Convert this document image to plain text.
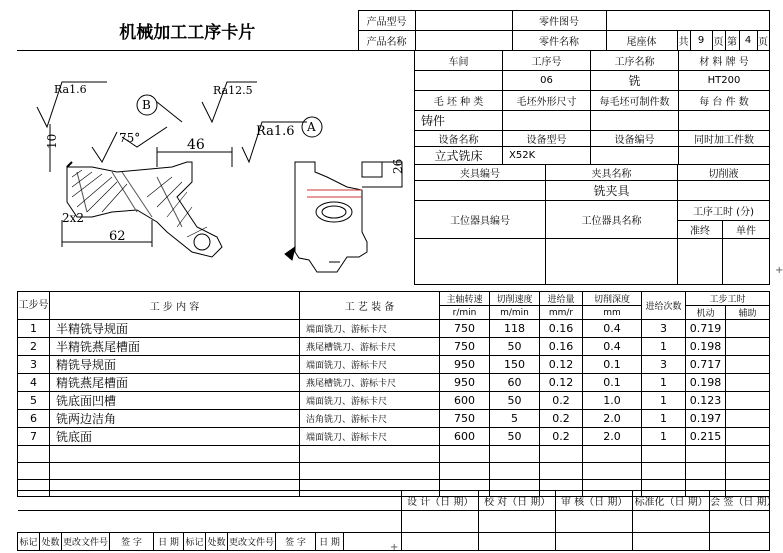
机械加工工序卡片	产品型号		零件图号							
	产品名称		零件名称	尾座体	共	9	页	第	4	页
车间	工序号	工序名称	材 料 牌 号
	06	铣	HT200
毛 坯 种 类	毛坯外形尺寸	每毛坯可制件数	每 台 件 数
铸件			
设备名称	设备型号	设备编号	同时加工件数
立式铣床	X52K		
夹具编号	夹具名称	切削液	
	铣夹具		
工位器具编号	工位器具名称	工序工时 (分)	
		准终	单件

Ra1.6	Ra12.5
Ra1.6
B
A
75°	46
10
2x2
62
26
工步号	工 步 内 容	工 艺 装 备	主轴转速	切削速度	进给量	切削深度	进给次数	工步工时	
			r/min	m/min	mm/r	mm		机动	辅助
1	半精铣导规面	端面铣刀、游标卡尺	750	118	0.16	0.4	3	0.719	
2	半精铣燕尾槽面	燕尾槽铣刀、游标卡尺	750	50	0.16	0.4	1	0.198	
3	精铣导规面	端面铣刀、游标卡尺	950	150	0.12	0.1	3	0.717	
4	精铣燕尾槽面	燕尾槽铣刀、游标卡尺	950	60	0.12	0.1	1	0.198	
5	铣底面凹槽	端面铣刀、游标卡尺	600	50	0.2	1.0	1	0.123	
6	铣两边洁角	洁角铣刀、游标卡尺	750	5	0.2	2.0	1	0.197	
7	铣底面	端面铣刀、游标卡尺	600	50	0.2	2.0	1	0.215	

											设 计（日 期）	校 对（日 期）	审 核（日 期）	标准化（日 期）	会 签（日 期）

标记	处数	更改文件号	签 字	日 期	标记	处数	更改文件号	签 字	日 期						
+
+
